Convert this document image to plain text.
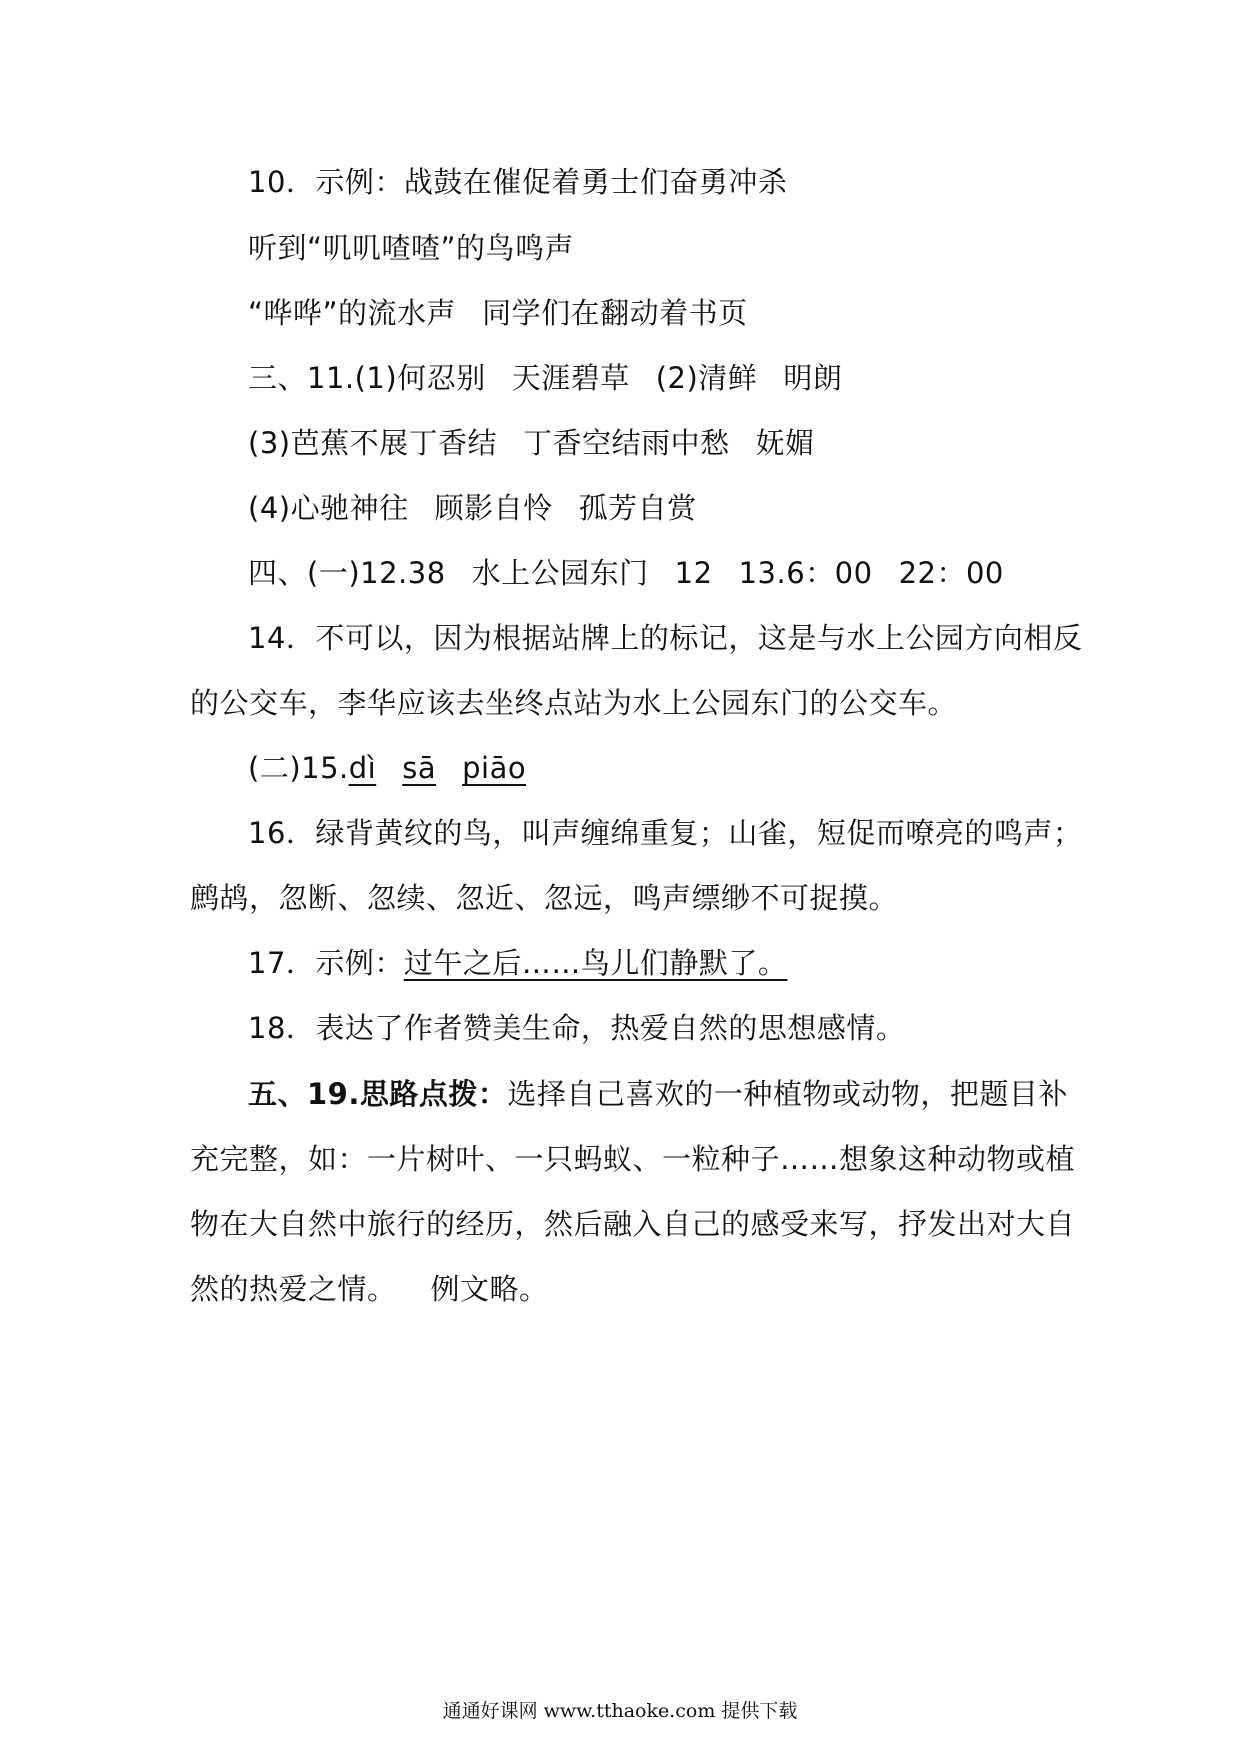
10．示例：战鼓在催促着勇士们奋勇冲杀
听到“叽叽喳喳”的鸟鸣声
“哗哗”的流水声 同学们在翻动着书页
三、11.(1)何忍别 天涯碧草 (2)清鲜 明朗
(3)芭蕉不展丁香结 丁香空结雨中愁 妩媚
(4)心驰神往 顾影自怜 孤芳自赏
四、(一)12.38 水上公园东门 12 13.6：00 22：00
14．不可以，因为根据站牌上的标记，这是与水上公园方向相反
的公交车，李华应该去坐终点站为水上公园东门的公交车。
(二)15.dì sā piāo
16．绿背黄纹的鸟，叫声缠绵重复；山雀，短促而嘹亮的鸣声；
鹧鸪，忽断、忽续、忽近、忽远，鸣声缥缈不可捉摸。
17．示例：过午之后……鸟儿们静默了。
18．表达了作者赞美生命，热爱自然的思想感情。
五、19.思路点拨：选择自己喜欢的一种植物或动物，把题目补
充完整，如：一片树叶、一只蚂蚁、一粒种子……想象这种动物或植
物在大自然中旅行的经历，然后融入自己的感受来写，抒发出对大自
然的热爱之情。 例文略。
通通好课网 www.tthaoke.com 提供下载
